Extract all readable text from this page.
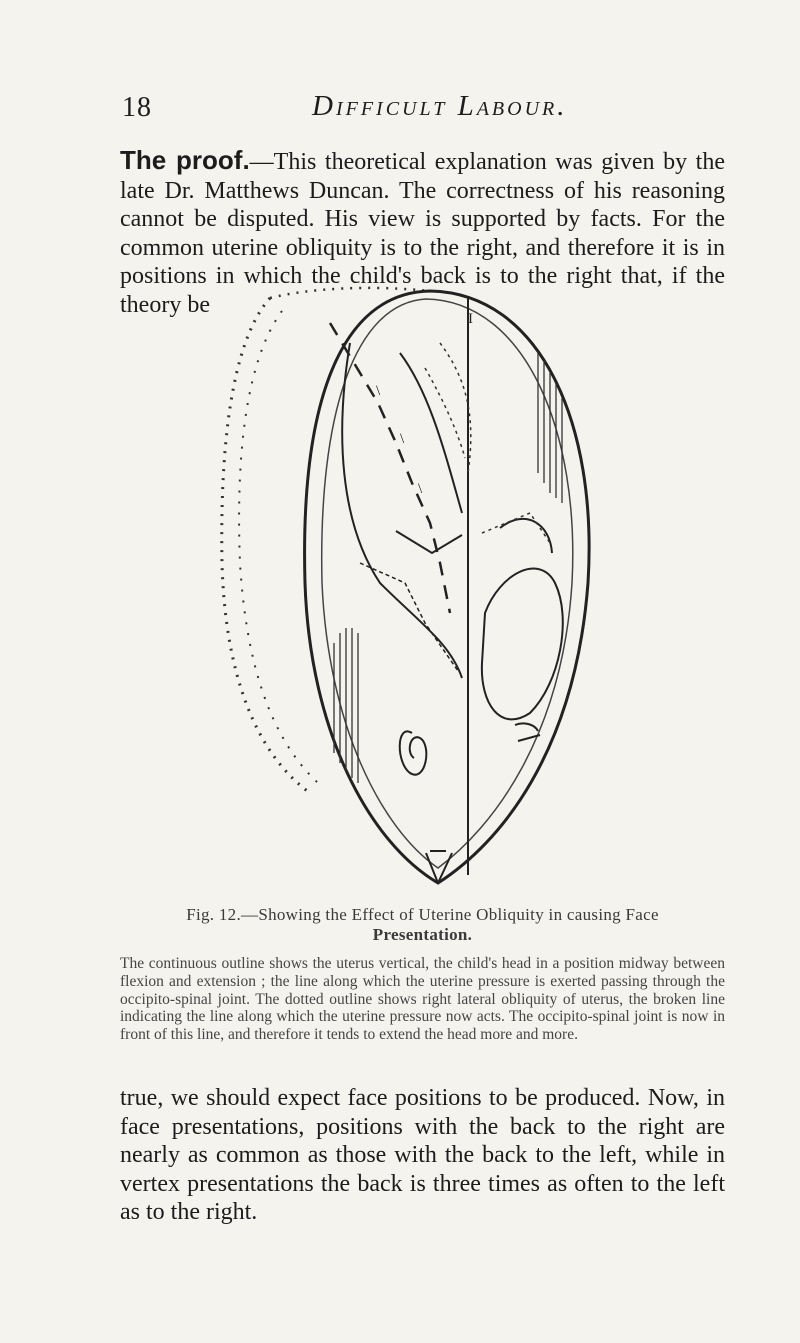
18	Difficult Labour.

The proof.—This theoretical explanation was given by the late Dr. Matthews Duncan. The correctness of his reasoning cannot be disputed. His view is supported by facts. For the common uterine obliquity is to the right, and therefore it is in positions in which the child's back is to the right that, if the theory be

I
\
\
\
Fig. 12.—Showing the Effect of Uterine Obliquity in causing Face
Presentation.

The continuous outline shows the uterus vertical, the child's head in a position midway between flexion and extension ; the line along which the uterine pressure is exerted passing through the occipito-spinal joint. The dotted outline shows right lateral obliquity of uterus, the broken line indicating the line along which the uterine pressure now acts. The occipito-spinal joint is now in front of this line, and therefore it tends to extend the head more and more.

true, we should expect face positions to be produced. Now, in face presentations, positions with the back to the right are nearly as common as those with the back to the left, while in vertex presentations the back is three times as often to the left as to the right.
